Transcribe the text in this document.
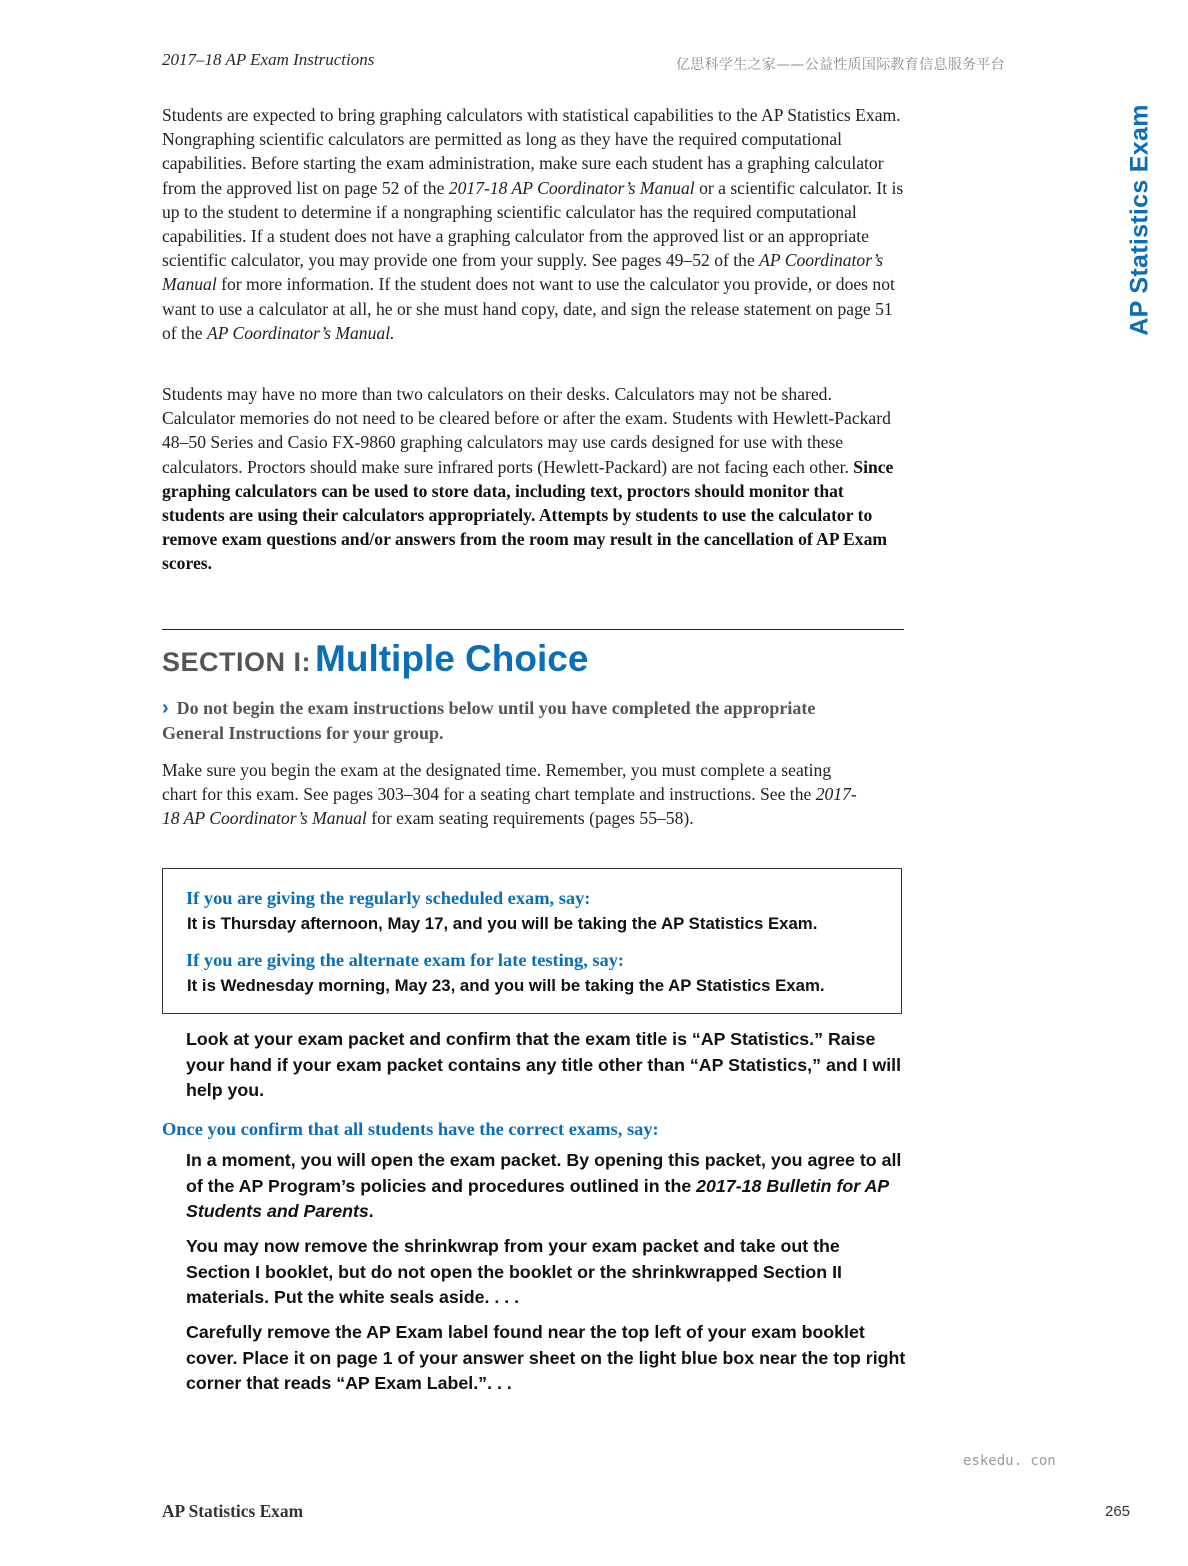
2017–18 AP Exam Instructions	亿思科学生之家——公益性质国际教育信息服务平台
AP Statistics Exam

Students are expected to bring graphing calculators with statistical capabilities to the AP Statistics Exam. Nongraphing scientific calculators are permitted as long as they have the required computational capabilities. Before starting the exam administration, make sure each student has a graphing calculator from the approved list on page 52 of the 2017-18 AP Coordinator’s Manual or a scientific calculator. It is up to the student to determine if a nongraphing scientific calculator has the required computational capabilities. If a student does not have a graphing calculator from the approved list or an appropriate scientific calculator, you may provide one from your supply. See pages 49–52 of the AP Coordinator’s Manual for more information. If the student does not want to use the calculator you provide, or does not want to use a calculator at all, he or she must hand copy, date, and sign the release statement on page 51 of the AP Coordinator’s Manual.

Students may have no more than two calculators on their desks. Calculators may not be shared. Calculator memories do not need to be cleared before or after the exam. Students with Hewlett-Packard 48–50 Series and Casio FX-9860 graphing calculators may use cards designed for use with these calculators. Proctors should make sure infrared ports (Hewlett-Packard) are not facing each other. Since graphing calculators can be used to store data, including text, proctors should monitor that students are using their calculators appropriately. Attempts by students to use the calculator to remove exam questions and/or answers from the room may result in the cancellation of AP Exam scores.

SECTION I: Multiple Choice
› Do not begin the exam instructions below until you have completed the appropriate General Instructions for your group.

Make sure you begin the exam at the designated time. Remember, you must complete a seating chart for this exam. See pages 303–304 for a seating chart template and instructions. See the 2017-18 AP Coordinator’s Manual for exam seating requirements (pages 55–58).

If you are giving the regularly scheduled exam, say:
It is Thursday afternoon, May 17, and you will be taking the AP Statistics Exam.
If you are giving the alternate exam for late testing, say:
It is Wednesday morning, May 23, and you will be taking the AP Statistics Exam.

Look at your exam packet and confirm that the exam title is “AP Statistics.” Raise your hand if your exam packet contains any title other than “AP Statistics,” and I will help you.

Once you confirm that all students have the correct exams, say:

In a moment, you will open the exam packet. By opening this packet, you agree to all of the AP Program’s policies and procedures outlined in the 2017-18 Bulletin for AP Students and Parents.

You may now remove the shrinkwrap from your exam packet and take out the Section I booklet, but do not open the booklet or the shrinkwrapped Section II materials. Put the white seals aside. . . .

Carefully remove the AP Exam label found near the top left of your exam booklet cover. Place it on page 1 of your answer sheet on the light blue box near the top right corner that reads “AP Exam Label.”. . .

eskedu. con
AP Statistics Exam	265
